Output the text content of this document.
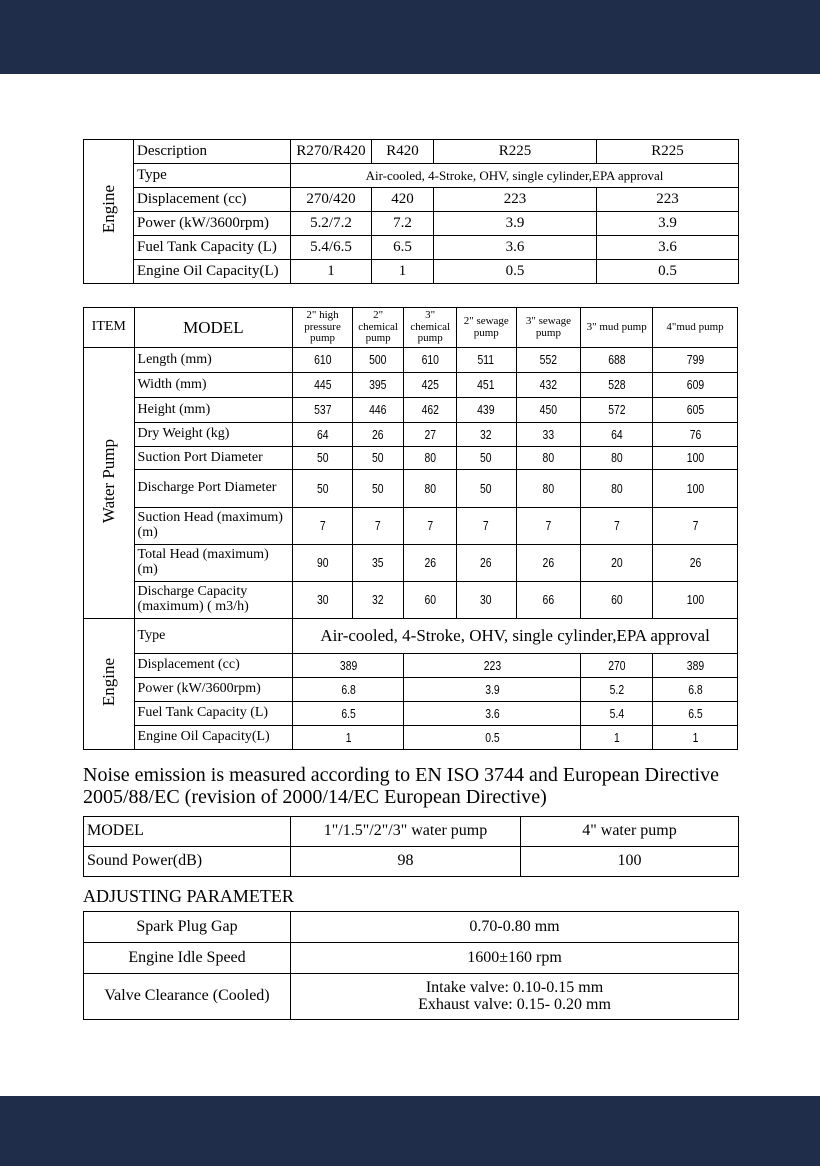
Engine	Description	R270/R420	R420	R225	R225
	Type	Air-cooled, 4-Stroke, OHV, single cylinder,EPA approval			
	Displacement (cc)	270/420	420	223	223
	Power (kW/3600rpm)	5.2/7.2	7.2	3.9	3.9
	Fuel Tank Capacity (L)	5.4/6.5	6.5	3.6	3.6
	Engine Oil Capacity(L)	1	1	0.5	0.5
ITEM	MODEL	2" high pressure pump	2" chemical pump	3" chemical pump	2" sewage pump	3" sewage pump	3" mud pump	4"mud pump
Water Pump	Length (mm)	610	500	610	511	552	688	799
	Width (mm)	445	395	425	451	432	528	609
	Height (mm)	537	446	462	439	450	572	605
	Dry Weight (kg)	64	26	27	32	33	64	76
	Suction Port Diameter	50	50	80	50	80	80	100
	Discharge Port Diameter	50	50	80	50	80	80	100
	Suction Head (maximum) (m)	7	7	7	7	7	7	7
	Total Head (maximum) (m)	90	35	26	26	26	20	26
	Discharge Capacity (maximum) ( m3/h)	30	32	60	30	66	60	100
Engine	Type	Air-cooled, 4-Stroke, OHV, single cylinder,EPA approval						
	Displacement (cc)	389		223			270	389
	Power (kW/3600rpm)	6.8		3.9			5.2	6.8
	Fuel Tank Capacity (L)	6.5		3.6			5.4	6.5
	Engine Oil Capacity(L)	1		0.5			1	1

Noise emission is measured according to EN ISO 3744 and European Directive 2005/88/EC (revision of 2000/14/EC European Directive)

MODEL	1"/1.5"/2"/3" water pump	4" water pump
Sound Power(dB)	98	100

ADJUSTING PARAMETER

Spark Plug Gap	0.70-0.80 mm
Engine Idle Speed	1600±160 rpm
Valve Clearance (Cooled)	Intake valve: 0.10-0.15 mm
Exhaust valve: 0.15- 0.20 mm
